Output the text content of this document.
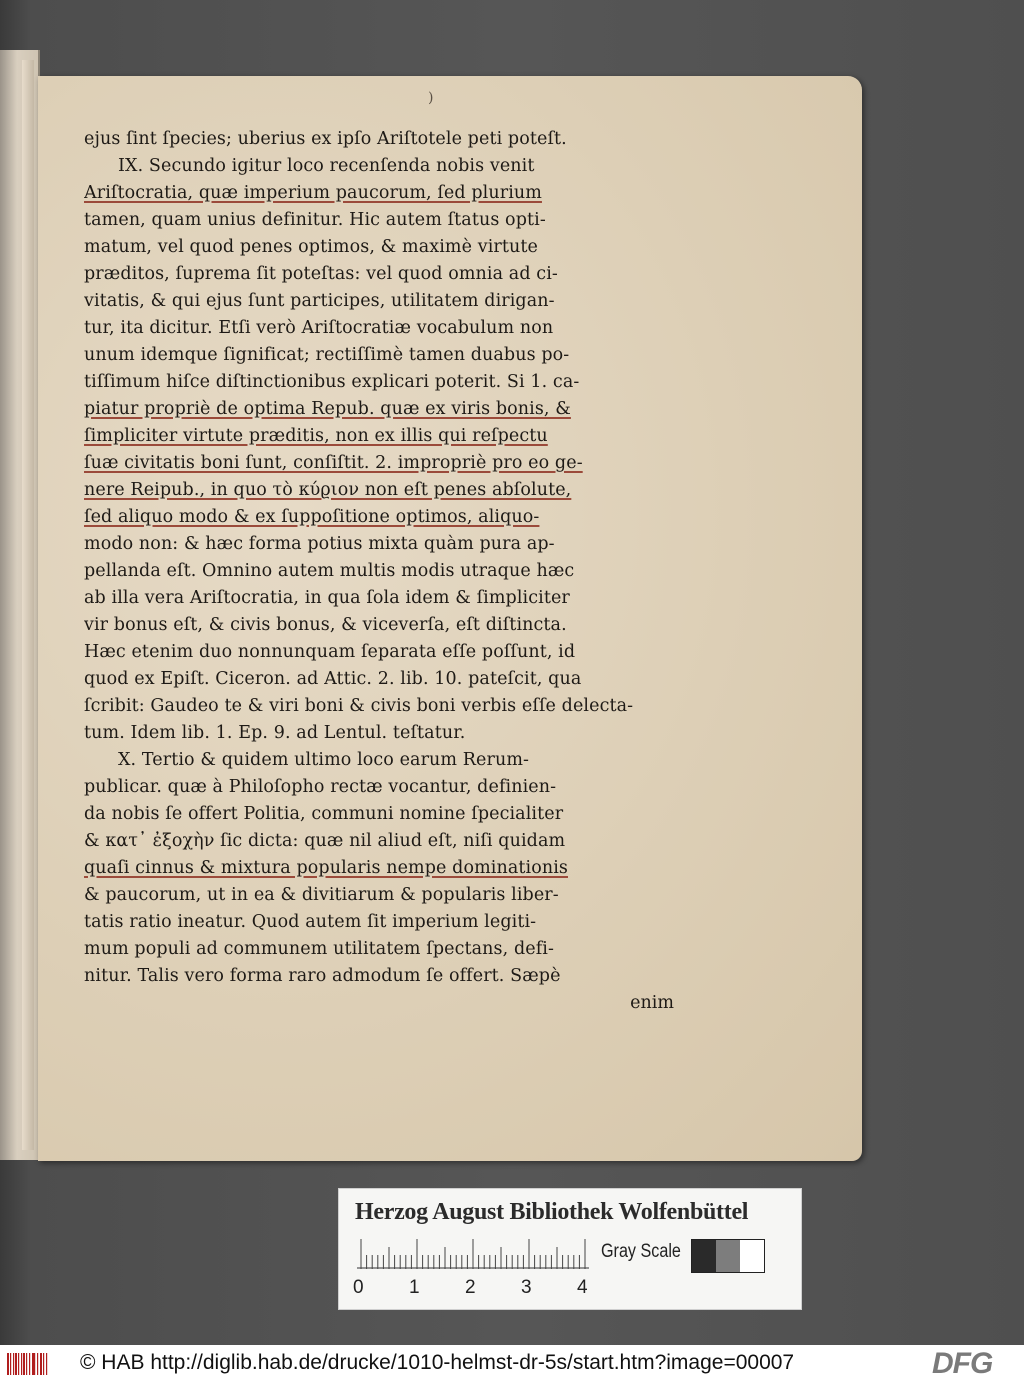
)
ejus ſint ſpecies; uberius ex ipſo Ariſtotele peti poteſt.
IX. Secundo igitur loco recenſenda nobis venit
Ariſtocratia, quæ imperium paucorum, ſed plurium
tamen, quam unius definitur. Hic autem ſtatus opti-
matum, vel quod penes optimos, & maximè virtute
præditos, ſuprema ſit poteſtas: vel quod omnia ad ci-
vitatis, & qui ejus ſunt participes, utilitatem dirigan-
tur, ita dicitur. Etſi verò Ariſtocratiæ vocabulum non
unum idemque ſignificat; rectiſſimè tamen duabus po-
tiſſimum hiſce diſtinctionibus explicari poterit. Si 1. ca-
piatur propriè de optima Repub. quæ ex viris bonis, &
ſimpliciter virtute præditis, non ex illis qui reſpectu
ſuæ civitatis boni ſunt, conſiſtit. 2. impropriè pro eo ge-
nere Reipub., in quo τὸ κύϱιον non eſt penes abſolute,
ſed aliquo modo & ex ſuppoſitione optimos, aliquo-
modo non: & hæc forma potius mixta quàm pura ap-
pellanda eſt. Omnino autem multis modis utraque hæc
ab illa vera Ariſtocratia, in qua ſola idem & ſimpliciter
vir bonus eſt, & civis bonus, & viceverſa, eſt diſtincta.
Hæc etenim duo nonnunquam ſeparata eſſe poſſunt, id
quod ex Epiſt. Ciceron. ad Attic. 2. lib. 10. pateſcit, qua
ſcribit: Gaudeo te & viri boni & civis boni verbis eſſe delecta-
tum. Idem lib. 1. Ep. 9. ad Lentul. teſtatur.
X. Tertio & quidem ultimo loco earum Rerum-
publicar. quæ à Philoſopho rectæ vocantur, definien-
da nobis ſe offert Politia, communi nomine ſpecialiter
& κατ᾽ ἐξοχὴν ſic dicta: quæ nil aliud eſt, niſi quidam
quaſi cinnus & mixtura popularis nempe dominationis
& paucorum, ut in ea & divitiarum & popularis liber-
tatis ratio ineatur. Quod autem ſit imperium legiti-
mum populi ad communem utilitatem ſpectans, defi-
nitur. Talis vero forma raro admodum ſe offert. Sæpè
enim
Herzog August Bibliothek Wolfenbüttel
0 1 2 3 4
Gray Scale
© HAB http://diglib.hab.de/drucke/1010-helmst-dr-5s/start.htm?image=00007	DFG
